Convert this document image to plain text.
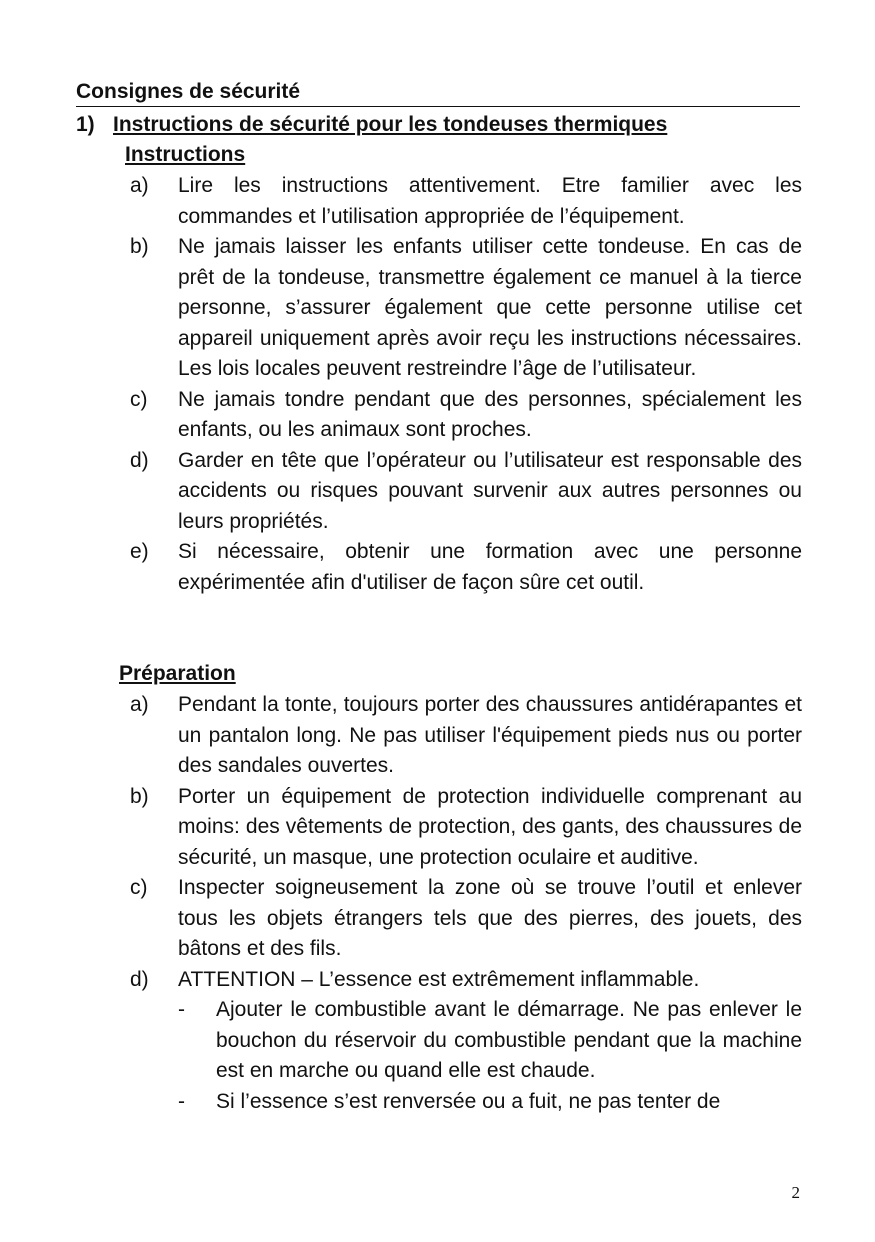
Consignes de sécurité
1) Instructions de sécurité pour les tondeuses thermiques
Instructions
a)	Lire les instructions attentivement. Etre familier avec les commandes et l’utilisation appropriée de l’équipement.
b)	Ne jamais laisser les enfants utiliser cette tondeuse. En cas de prêt de la tondeuse, transmettre également ce manuel à la tierce personne, s’assurer également que cette personne utilise cet appareil uniquement après avoir reçu les instructions nécessaires. Les lois locales peuvent restreindre l’âge de l’utilisateur.
c)	Ne jamais tondre pendant que des personnes, spécialement les enfants, ou les animaux sont proches.
d)	Garder en tête que l’opérateur ou l’utilisateur est responsable des accidents ou risques pouvant survenir aux autres personnes ou leurs propriétés.
e)	Si nécessaire, obtenir une formation avec une personne expérimentée afin d'utiliser de façon sûre cet outil.
Préparation
a)	Pendant la tonte, toujours porter des chaussures antidérapantes et un pantalon long. Ne pas utiliser l'équipement pieds nus ou porter des sandales ouvertes.
b)	Porter un équipement de protection individuelle comprenant au moins: des vêtements de protection, des gants, des chaussures de sécurité, un masque, une protection oculaire et auditive.
c)	Inspecter soigneusement la zone où se trouve l’outil et enlever tous les objets étrangers tels que des pierres, des jouets, des bâtons et des fils.
d)	ATTENTION – L’essence est extrêmement inflammable.
-	Ajouter le combustible avant le démarrage. Ne pas enlever le bouchon du réservoir du combustible pendant que la machine est en marche ou quand elle est chaude.
-	Si l’essence s’est renversée ou a fuit, ne pas tenter de
2
